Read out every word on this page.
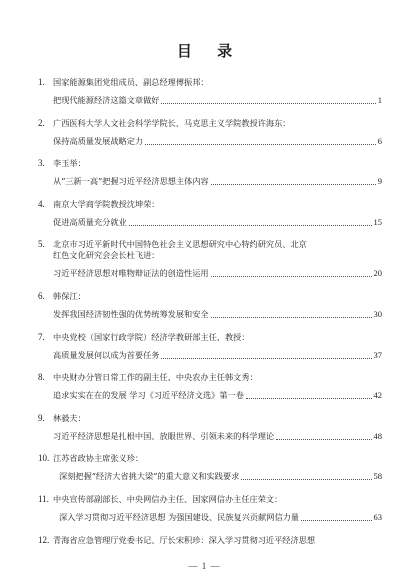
目 录
1. 国家能源集团党组成员、副总经理傅振邦：
把现代能源经济这篇文章做好	1
2. 广西医科大学人文社会科学学院长、马克思主义学院教授许海东：
保持高质量发展战略定力	6
3. 李玉举：
从“三新一高”把握习近平经济思想主体内容	9
4. 南京大学商学院教授沈坤荣：
促进高质量充分就业	15
5. 北京市习近平新时代中国特色社会主义思想研究中心特约研究员、北京
红色文化研究会会长杜飞进：
习近平经济思想对唯物辩证法的创造性运用	20
6. 韩保江：
发挥我国经济韧性强的优势统筹发展和安全	30
7. 中央党校（国家行政学院）经济学教研部主任、教授：
高质量发展何以成为首要任务	37
8. 中央财办分管日常工作的副主任、中央农办主任韩文秀：
追求实实在在的发展 学习《习近平经济文选》第一卷	42
9. 林毅夫：
习近平经济思想是扎根中国、放眼世界、引领未来的科学理论	48
10. 江苏省政协主席张义珍：
深刻把握“经济大省挑大梁”的重大意义和实践要求	58
11. 中央宣传部副部长、中央网信办主任、国家网信办主任庄荣文：
深入学习贯彻习近平经济思想 为强国建设、民族复兴贡献网信力量	63
12. 青海省应急管理厅党委书记、厅长宋积珍：深入学习贯彻习近平经济思想
— 1 —
